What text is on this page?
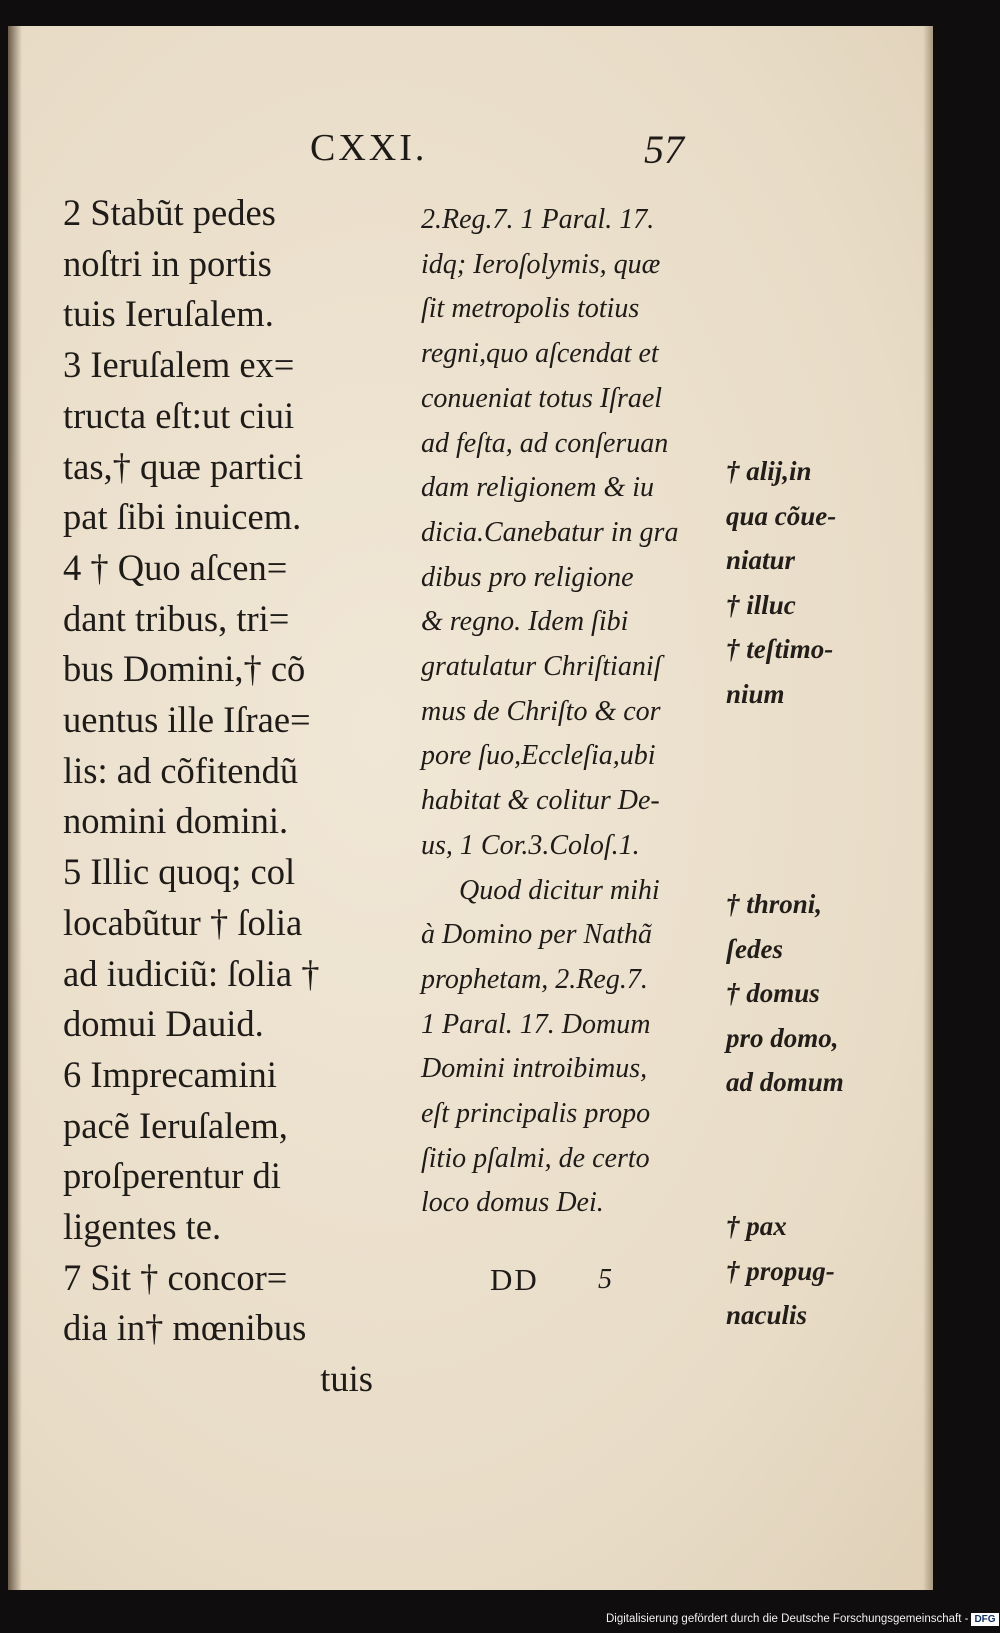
CXXI.	57
2 Stabũt pedes
noſtri in portis
tuis Ieruſalem.
3 Ieruſalem ex=
tructa eſt:ut ciui
tas,† quæ partici
pat ſibi inuicem.
4 † Quo aſcen=
dant tribus, tri=
bus Domini,† cõ
uentus ille Iſrae=
lis: ad cõfitendũ
nomini domini.
5 Illic quoq; col
locabũtur † ſolia
ad iudiciũ: ſolia †
domui Dauid.
6 Imprecamini
pacẽ Ieruſalem,
proſperentur di
ligentes te.
7 Sit † concor=
dia in† mœnibus
tuis
2.Reg.7. 1 Paral. 17.
idq; Ieroſolymis, quæ
ſit metropolis totius
regni,quo aſcendat et
conueniat totus Iſrael
ad feſta, ad conſeruan
dam religionem & iu
dicia.Canebatur in gra
dibus pro religione
& regno. Idem ſibi
gratulatur Chriſtianiſ
mus de Chriſto & cor
pore ſuo,Eccleſia,ubi
habitat & colitur De-
us, 1 Cor.3.Coloſ.1.
Quod dicitur mihi
à Domino per Nathã
prophetam, 2.Reg.7.
1 Paral. 17. Domum
Domini introibimus,
eſt principalis propo
ſitio pſalmi, de certo
loco domus Dei.
DD 5
† alij,in
qua cõue-
niatur
† illuc
† teſtimo-
nium
† throni,
ſedes
† domus
pro domo,
ad domum
† pax
† propug-
naculis
Digitalisierung gefördert durch die Deutsche Forschungsgemeinschaft - DFG
